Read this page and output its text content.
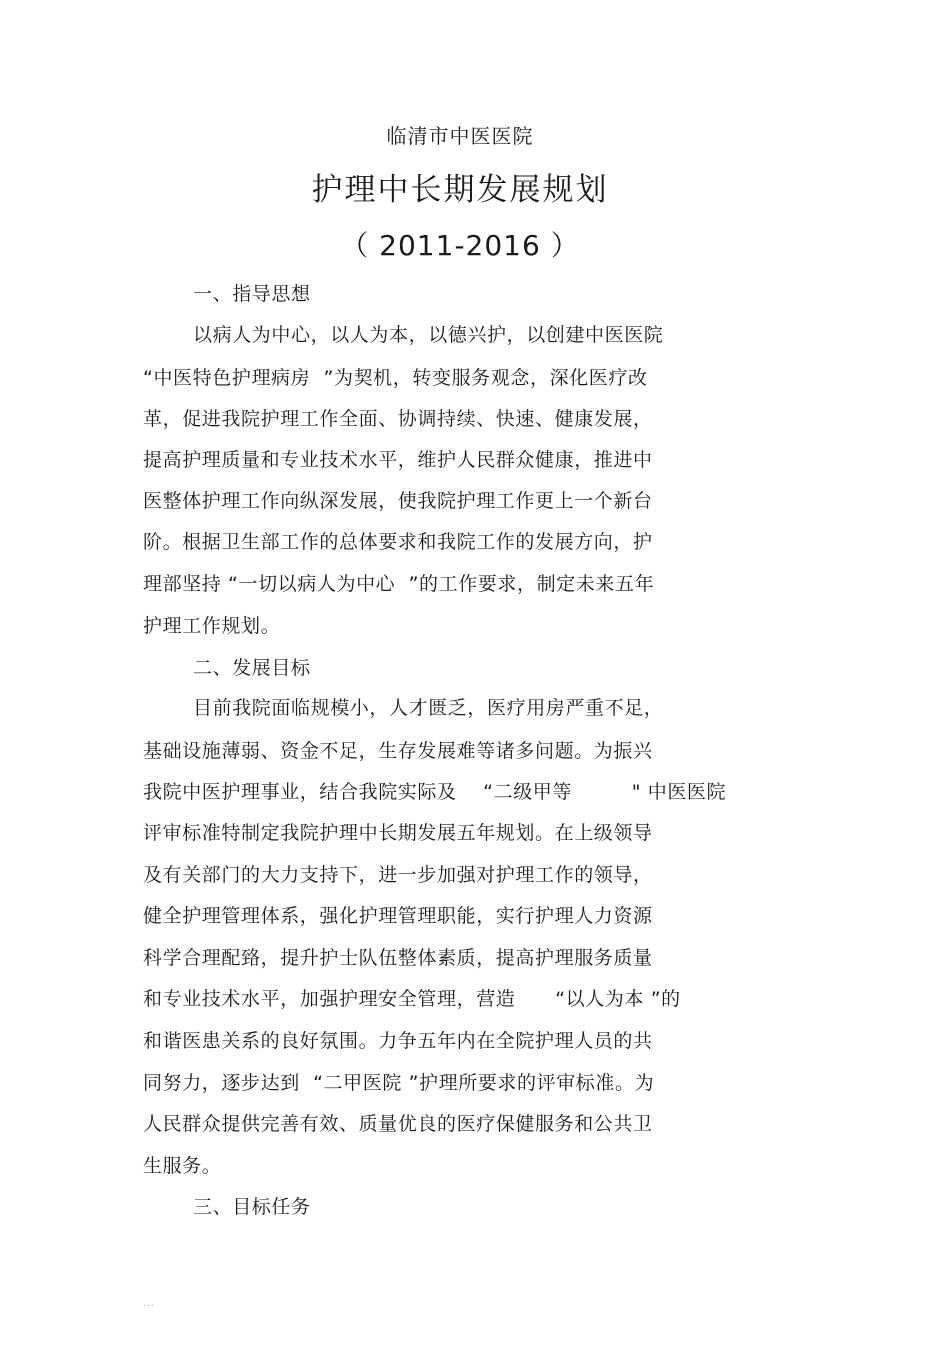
临清市中医医院
护理中长期发展规划
（ 2011-2016 ）
一、指导思想
以病人为中心，以人为本，以德兴护，以创建中医医院
“中医特色护理病房  ”为契机，转变服务观念，深化医疗改
革，促进我院护理工作全面、协调持续、快速、健康发展，
提高护理质量和专业技术水平，维护人民群众健康，推进中
医整体护理工作向纵深发展，使我院护理工作更上一个新台
阶。根据卫生部工作的总体要求和我院工作的发展方向，护
理部坚持 “一切以病人为中心  ”的工作要求，制定未来五年
护理工作规划。
二、发展目标
目前我院面临规模小，人才匮乏，医疗用房严重不足，
基础设施薄弱、资金不足，生存发展难等诸多问题。为振兴
我院中医护理事业，结合我院实际及    “二级甲等         " 中医医院
评审标准特制定我院护理中长期发展五年规划。在上级领导
及有关部门的大力支持下，进一步加强对护理工作的领导，
健全护理管理体系，强化护理管理职能，实行护理人力资源
科学合理配臵，提升护士队伍整体素质，提高护理服务质量
和专业技术水平，加强护理安全管理，营造      “以人为本 ”的
和谐医患关系的良好氛围。力争五年内在全院护理人员的共
同努力，逐步达到  “二甲医院 ”护理所要求的评审标准。为
人民群众提供完善有效、质量优良的医疗保健服务和公共卫
生服务。
三、目标任务
...
